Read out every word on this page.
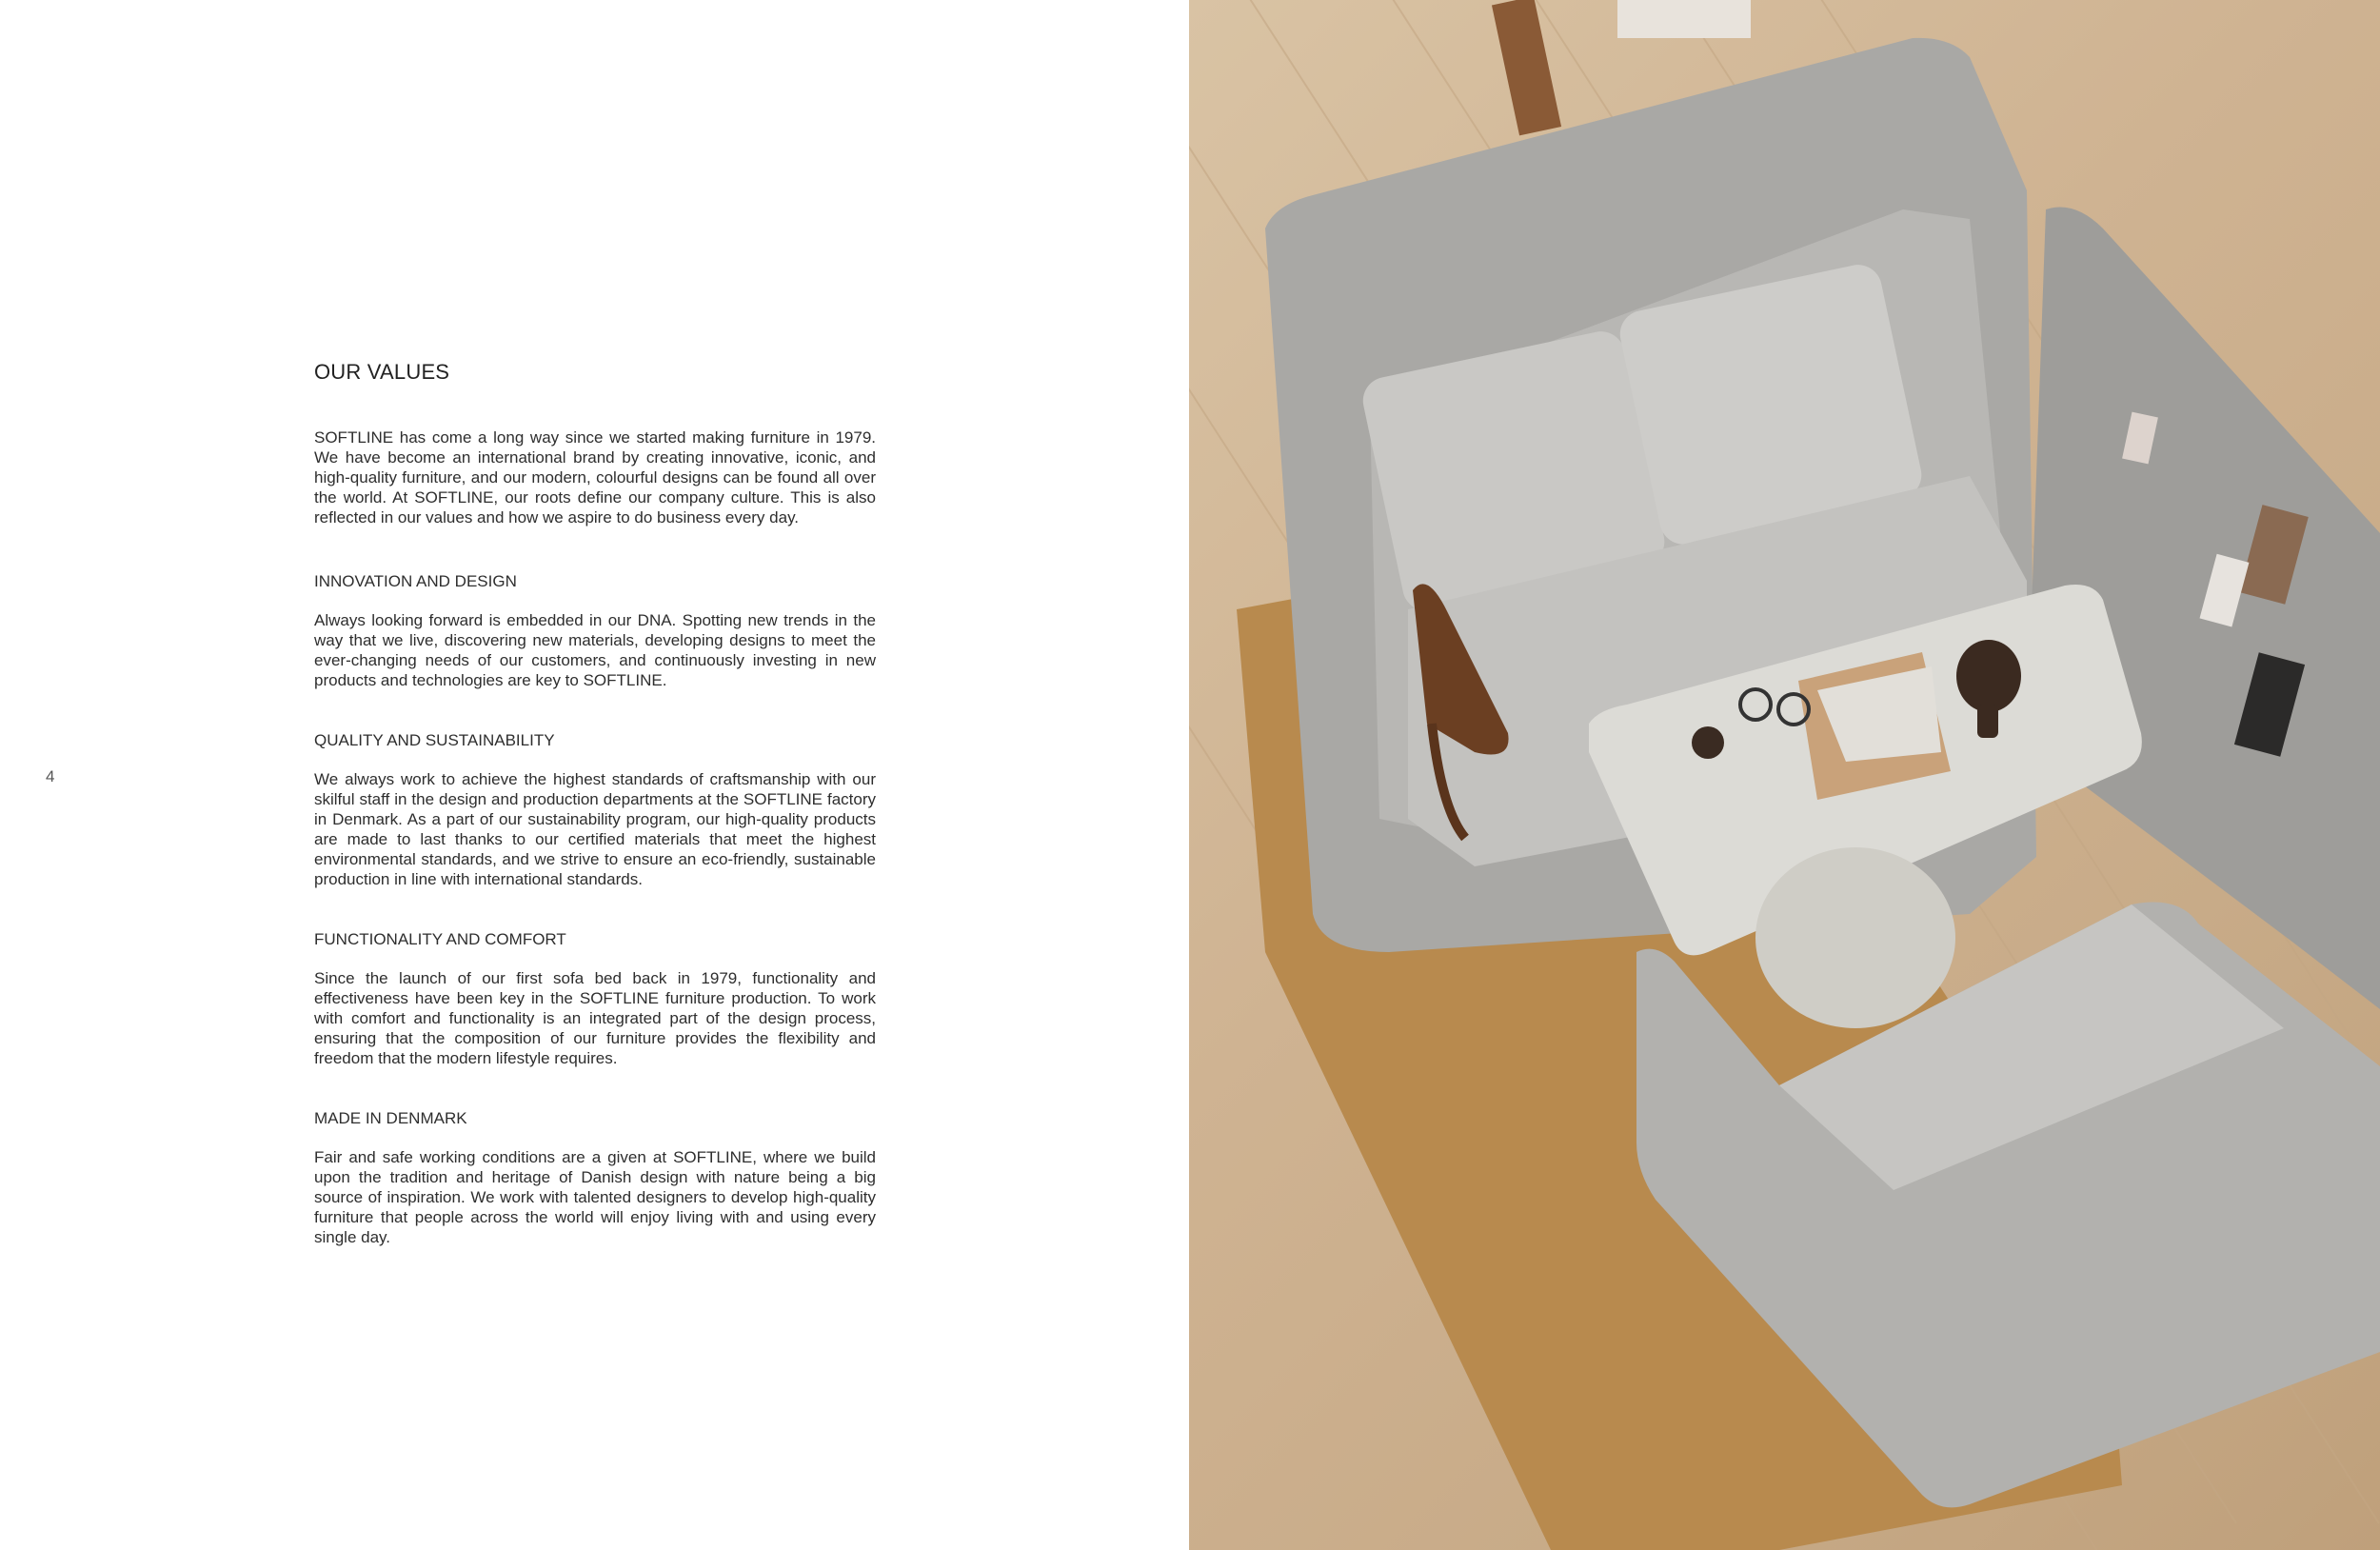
4
OUR VALUES

SOFTLINE has come a long way since we started making furniture in 1979. We have become an international brand by creating innovative, iconic, and high-quality furniture, and our modern, colourful designs can be found all over the world. At SOFTLINE, our roots define our company culture. This is also reflected in our values and how we aspire to do business every day.

INNOVATION AND DESIGN

Always looking forward is embedded in our DNA. Spotting new trends in the way that we live, discovering new materials, developing designs to meet the ever-changing needs of our customers, and continuously investing in new products and technologies are key to SOFTLINE.

QUALITY AND SUSTAINABILITY

We always work to achieve the highest standards of craftsmanship with our skilful staff in the design and production departments at the SOFTLINE factory in Denmark. As a part of our sustainability program, our high-quality products are made to last thanks to our certified materials that meet the highest environmental standards, and we strive to ensure an eco-friendly, sustainable production in line with international standards.

FUNCTIONALITY AND COMFORT

Since the launch of our first sofa bed back in 1979, functionality and effectiveness have been key in the SOFTLINE furniture production. To work with comfort and functionality is an integrated part of the design process, ensuring that the composition of our furniture provides the flexibility and freedom that the modern lifestyle requires.

MADE IN DENMARK

Fair and safe working conditions are a given at SOFTLINE, where we build upon the tradition and heritage of Danish design with nature being a big source of inspiration. We work with talented designers to develop high-quality furniture that people across the world will enjoy living with and using every single day.
